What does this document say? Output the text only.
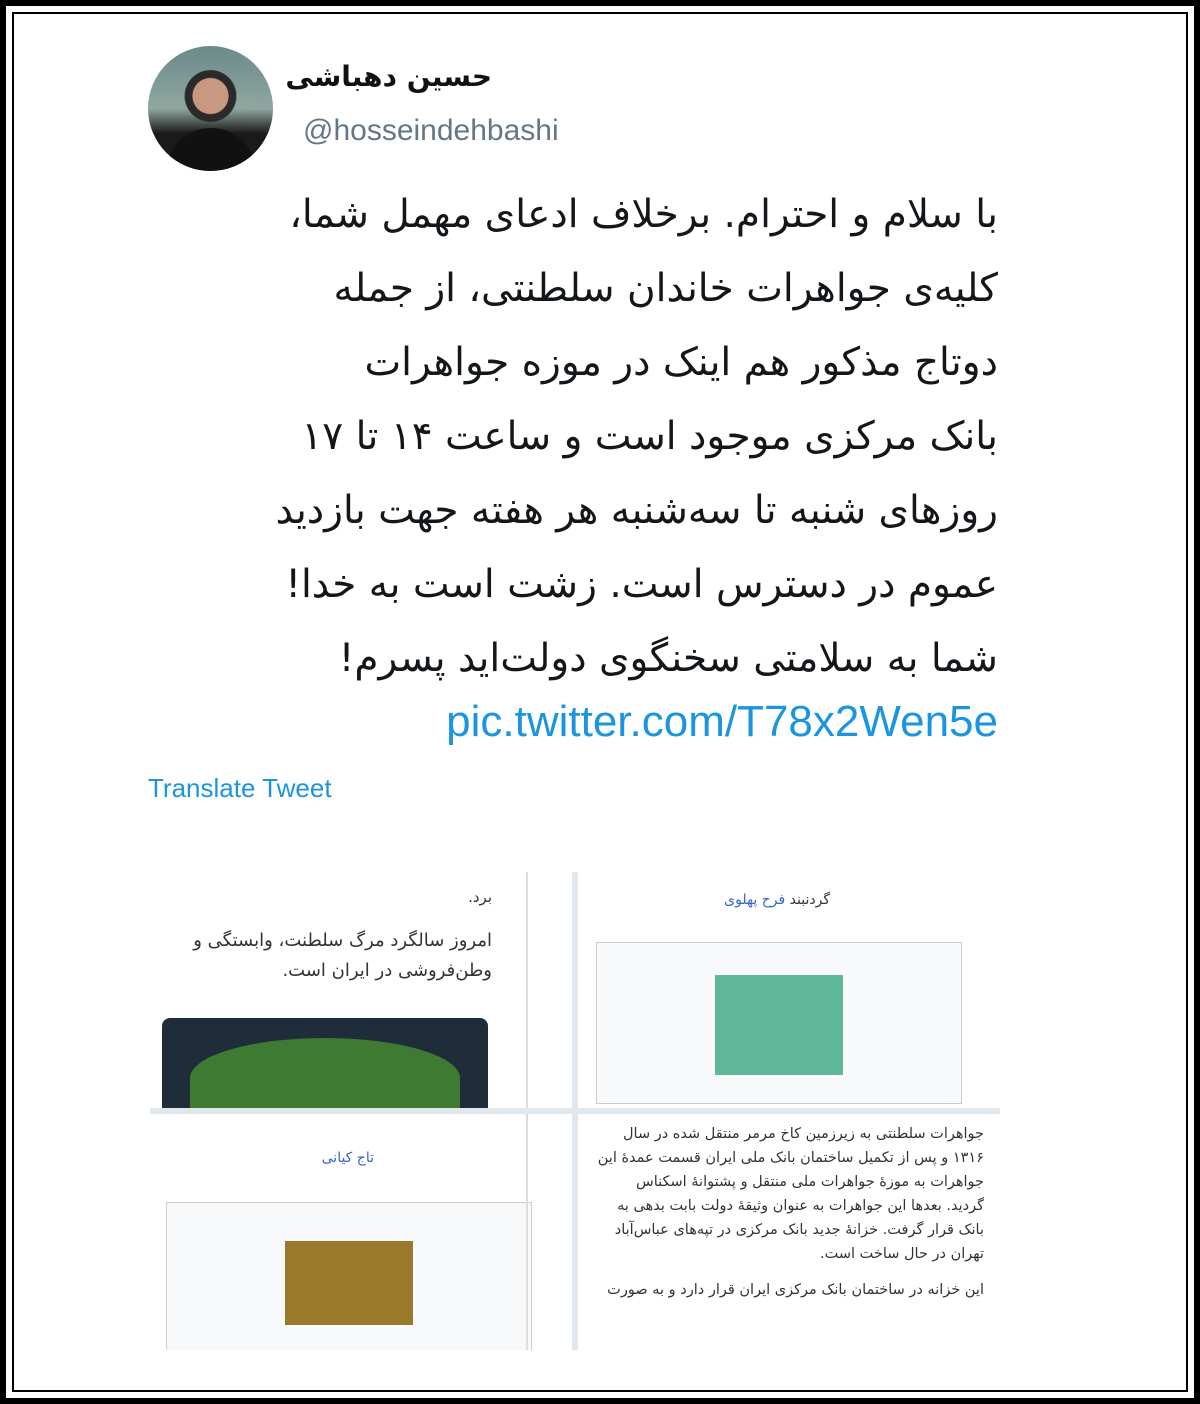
حسین دهباشی
@hosseindehbashi
با سلام و احترام. برخلاف ادعای مهمل شما،
کلیه‌ی جواهرات خاندان سلطنتی، از جمله
دوتاج مذکور هم اینک در موزه جواهرات
بانک مرکزی موجود است و ساعت ۱۴ تا ۱۷
روزهای شنبه تا سه‌شنبه هر هفته جهت بازدید
عموم در دسترس است. زشت است به خدا!
شما به سلامتی سخنگوی دولت‌اید پسرم!
pic.twitter.com/T78x2Wen5e
Translate Tweet
برد.
امروز سالگرد مرگ سلطنت، وابستگی و
وطن‌فروشی در ایران است.
گردنبند فرح پهلوی
تاج کیانی
جواهرات سلطنتی به زیرزمین کاخ مرمر منتقل شده در سال
۱۳۱۶ و پس از تکمیل ساختمان بانک ملی ایران قسمت عمدهٔ این
جواهرات به موزهٔ جواهرات ملی منتقل و پشتوانهٔ اسکناس
گردید. بعدها این جواهرات به عنوان وثیقهٔ دولت بابت بدهی به
بانک قرار گرفت. خزانهٔ جدید بانک مرکزی در تپه‌های عباس‌آباد
تهران در حال ساخت است.
این خزانه در ساختمان بانک مرکزی ایران قرار دارد و به صورت
